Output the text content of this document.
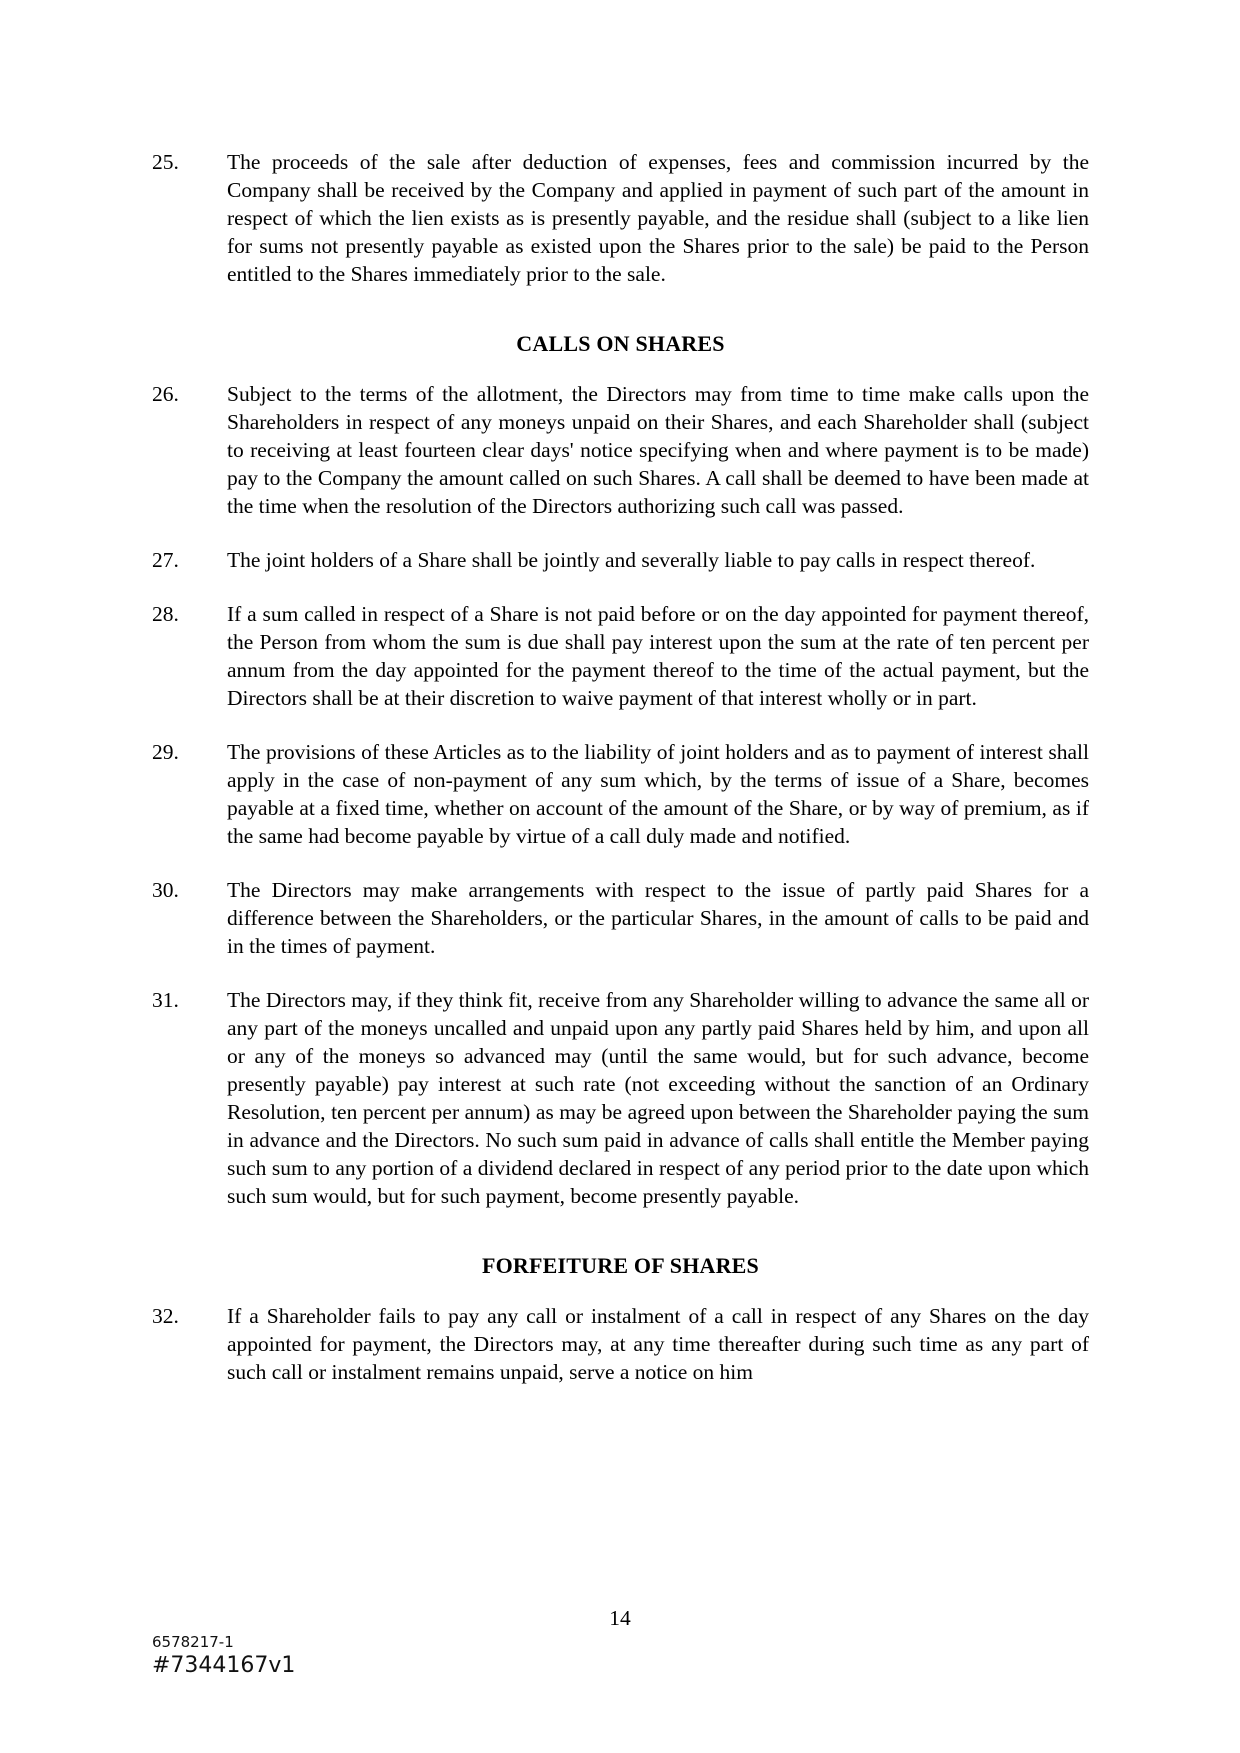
25.	The proceeds of the sale after deduction of expenses, fees and commission incurred by the Company shall be received by the Company and applied in payment of such part of the amount in respect of which the lien exists as is presently payable, and the residue shall (subject to a like lien for sums not presently payable as existed upon the Shares prior to the sale) be paid to the Person entitled to the Shares immediately prior to the sale.
CALLS ON SHARES
26.	Subject to the terms of the allotment, the Directors may from time to time make calls upon the Shareholders in respect of any moneys unpaid on their Shares, and each Shareholder shall (subject to receiving at least fourteen clear days' notice specifying when and where payment is to be made) pay to the Company the amount called on such Shares. A call shall be deemed to have been made at the time when the resolution of the Directors authorizing such call was passed.
27.	The joint holders of a Share shall be jointly and severally liable to pay calls in respect thereof.
28.	If a sum called in respect of a Share is not paid before or on the day appointed for payment thereof, the Person from whom the sum is due shall pay interest upon the sum at the rate of ten percent per annum from the day appointed for the payment thereof to the time of the actual payment, but the Directors shall be at their discretion to waive payment of that interest wholly or in part.
29.	The provisions of these Articles as to the liability of joint holders and as to payment of interest shall apply in the case of non-payment of any sum which, by the terms of issue of a Share, becomes payable at a fixed time, whether on account of the amount of the Share, or by way of premium, as if the same had become payable by virtue of a call duly made and notified.
30.	The Directors may make arrangements with respect to the issue of partly paid Shares for a difference between the Shareholders, or the particular Shares, in the amount of calls to be paid and in the times of payment.
31.	The Directors may, if they think fit, receive from any Shareholder willing to advance the same all or any part of the moneys uncalled and unpaid upon any partly paid Shares held by him, and upon all or any of the moneys so advanced may (until the same would, but for such advance, become presently payable) pay interest at such rate (not exceeding without the sanction of an Ordinary Resolution, ten percent per annum) as may be agreed upon between the Shareholder paying the sum in advance and the Directors. No such sum paid in advance of calls shall entitle the Member paying such sum to any portion of a dividend declared in respect of any period prior to the date upon which such sum would, but for such payment, become presently payable.
FORFEITURE OF SHARES
32.	If a Shareholder fails to pay any call or instalment of a call in respect of any Shares on the day appointed for payment, the Directors may, at any time thereafter during such time as any part of such call or instalment remains unpaid, serve a notice on him
14
6578217-1
#7344167v1
